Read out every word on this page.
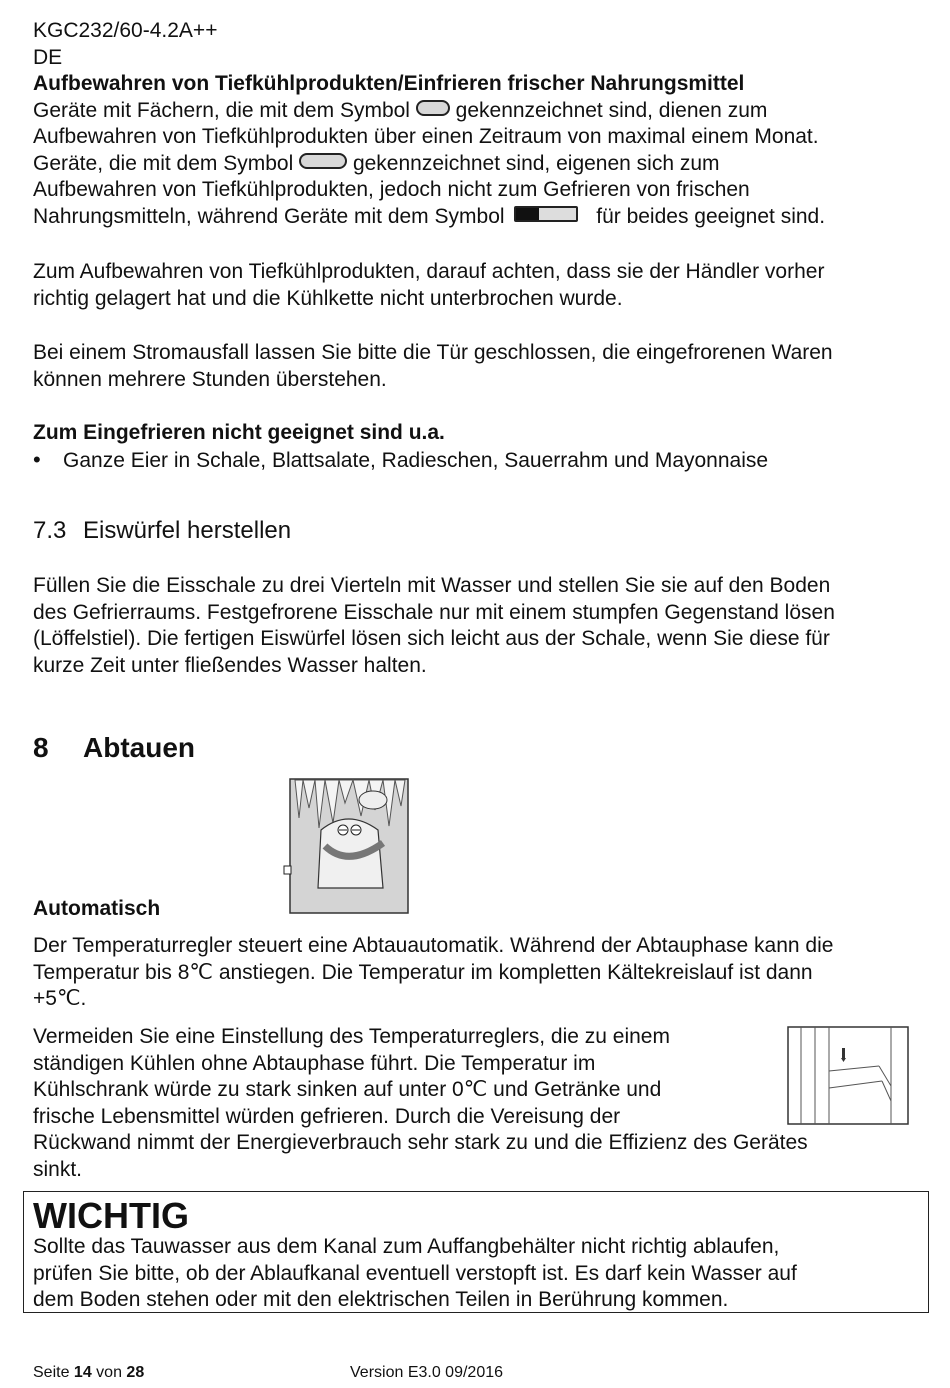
KGC232/60-4.2A++
DE
Aufbewahren von Tiefkühlprodukten/Einfrieren frischer Nahrungsmittel
Geräte mit Fächern, die mit dem Symbol gekennzeichnet sind, dienen zum
Aufbewahren von Tiefkühlprodukten über einen Zeitraum von maximal einem Monat.
Geräte, die mit dem Symbol	gekennzeichnet sind, eigenen sich zum
Aufbewahren von Tiefkühlprodukten, jedoch nicht zum Gefrieren von frischen
Nahrungsmitteln, während Geräte mit dem Symbol	für beides geeignet sind.
Zum Aufbewahren von Tiefkühlprodukten, darauf achten, dass sie der Händler vorher
richtig gelagert hat und die Kühlkette nicht unterbrochen wurde.
Bei einem Stromausfall lassen Sie bitte die Tür geschlossen, die eingefrorenen Waren
können mehrere Stunden überstehen.
Zum Eingefrieren nicht geeignet sind u.a.
• Ganze Eier in Schale, Blattsalate, Radieschen, Sauerrahm und Mayonnaise
7.3 Eiswürfel herstellen
Füllen Sie die Eisschale zu drei Vierteln mit Wasser und stellen Sie sie auf den Boden
des Gefrierraums. Festgefrorene Eisschale nur mit einem stumpfen Gegenstand lösen
(Löffelstiel). Die fertigen Eiswürfel lösen sich leicht aus der Schale, wenn Sie diese für
kurze Zeit unter fließendes Wasser halten.
8 Abtauen
Automatisch
Der Temperaturregler steuert eine Abtauautomatik. Während der Abtauphase kann die
Temperatur bis 8℃ anstiegen. Die Temperatur im kompletten Kältekreislauf ist dann
+5℃.
Vermeiden Sie eine Einstellung des Temperaturreglers, die zu einem
ständigen Kühlen ohne Abtauphase führt. Die Temperatur im
Kühlschrank würde zu stark sinken auf unter 0℃ und Getränke und
frische Lebensmittel würden gefrieren. Durch die Vereisung der
Rückwand nimmt der Energieverbrauch sehr stark zu und die Effizienz des Gerätes
sinkt.
WICHTIG
Sollte das Tauwasser aus dem Kanal zum Auffangbehälter nicht richtig ablaufen,
prüfen Sie bitte, ob der Ablaufkanal eventuell verstopft ist. Es darf kein Wasser auf
dem Boden stehen oder mit den elektrischen Teilen in Berührung kommen.
Seite 14 von 28	Version E3.0 09/2016
